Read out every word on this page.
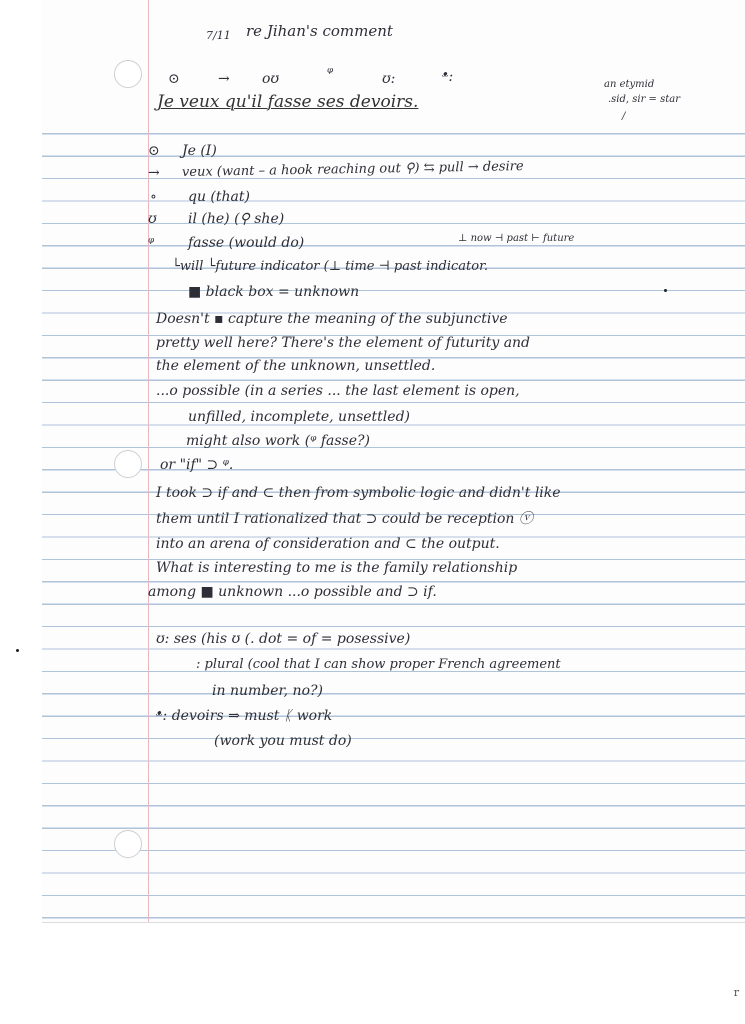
7/11 re Jihan's comment
⊙	→ oʊ	ᵠ	ʊ:	ᵜ:
Je veux qu'il fasse ses devoirs.
an etymid
.sid, sir = star
/
⊙ Je (I)
→ veux (want – a hook reaching out ⚲) ⇆ pull → desire
∘ qu (that)
ʊ il (he) (⚲ she)
ᵠ fasse (would do)	⊥ now ⊣ past ⊢ future
└will └future indicator (⊥ time ⊣ past indicator.
■ black box = unknown
Doesn't ▪ capture the meaning of the subjunctive
pretty well here? There's the element of futurity and
the element of the unknown, unsettled.
...o possible (in a series ... the last element is open,
unfilled, incomplete, unsettled)
might also work (ᵠ fasse?)
or "if" ⊃ ᵠ.
I took ⊃ if and ⊂ then from symbolic logic and didn't like
them until I rationalized that ⊃ could be reception ⓥ
into an arena of consideration and ⊂ the output.
What is interesting to me is the family relationship
among ■ unknown ...o possible and ⊃ if.
ʊ: ses (his ʊ (. dot = of = posessive)
: plural (cool that I can show proper French agreement
in number, no?)
ᵜ: devoirs ⇒ must ᛕ work
(work you must do)
r
